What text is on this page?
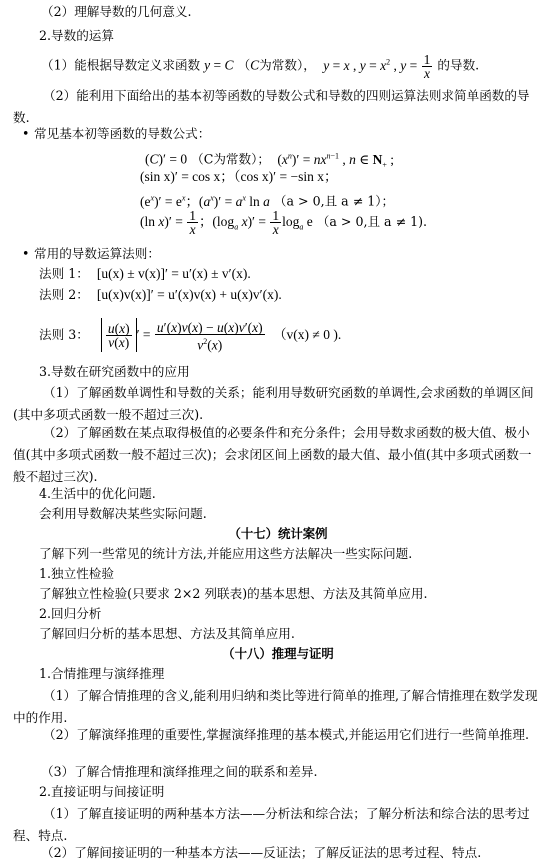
（2）理解导数的几何意义.
2.导数的运算
（1）能根据导数定义求函数 y = C （C为常数）， y = x , $y = x^2$ , $y = \frac{1}{x}$ 的导数.
（2）能利用下面给出的基本初等函数的导数公式和导数的四则运算法则求简单函数的导数.
• 常见基本初等函数的导数公式：
(C)′ = 0 （C为常数）；  $(x^n)' = nx^{n-1}$ , n ∈ $N_+$ ;
(sin x)′ = cos x；（cos x)′ = −sin x；
$(e^x)' = e^x$；$(a^x)' = a^x$ ln a （a > 0,且 a ≠ 1）；
(ln $x)' = \frac{1}{x}$ ；($\log_a$ $x)' = \frac{1}{x} \log_a e$ （a > 0,且 a ≠ 1).
• 常用的导数运算法则：
法则 1： [u(x) ± v(x)]′ = u′(x) ± v′(x).
法则 2： [u(x)v(x)]′ = u′(x)v(x) + u(x)v′(x).
法则 3： $\frac{u(x)}{v(x)}$ ′ = $\frac{u'(x)v(x) - u(x)v'(x)}{v^2(x)} (v(x) \ne 0$ ).
3.导数在研究函数中的应用
（1）了解函数单调性和导数的关系；能利用导数研究函数的单调性,会求函数的单调区间(其中多项式函数一般不超过三次).
（2）了解函数在某点取得极值的必要条件和充分条件；会用导数求函数的极大值、极小值(其中多项式函数一般不超过三次)；会求闭区间上函数的最大值、最小值(其中多项式函数一般不超过三次).
4.生活中的优化问题.
会利用导数解决某些实际问题.
（十七）统计案例
了解下列一些常见的统计方法,并能应用这些方法解决一些实际问题.
1.独立性检验
了解独立性检验(只要求 2×2 列联表)的基本思想、方法及其简单应用.
2.回归分析
了解回归分析的基本思想、方法及其简单应用.
（十八）推理与证明
1.合情推理与演绎推理
（1）了解合情推理的含义,能利用归纳和类比等进行简单的推理,了解合情推理在数学发现中的作用.
（2）了解演绎推理的重要性,掌握演绎推理的基本模式,并能运用它们进行一些简单推理.
（3）了解合情推理和演绎推理之间的联系和差异.
2.直接证明与间接证明
（1）了解直接证明的两种基本方法——分析法和综合法；了解分析法和综合法的思考过程、特点.
（2）了解间接证明的一种基本方法——反证法；了解反证法的思考过程、特点.
